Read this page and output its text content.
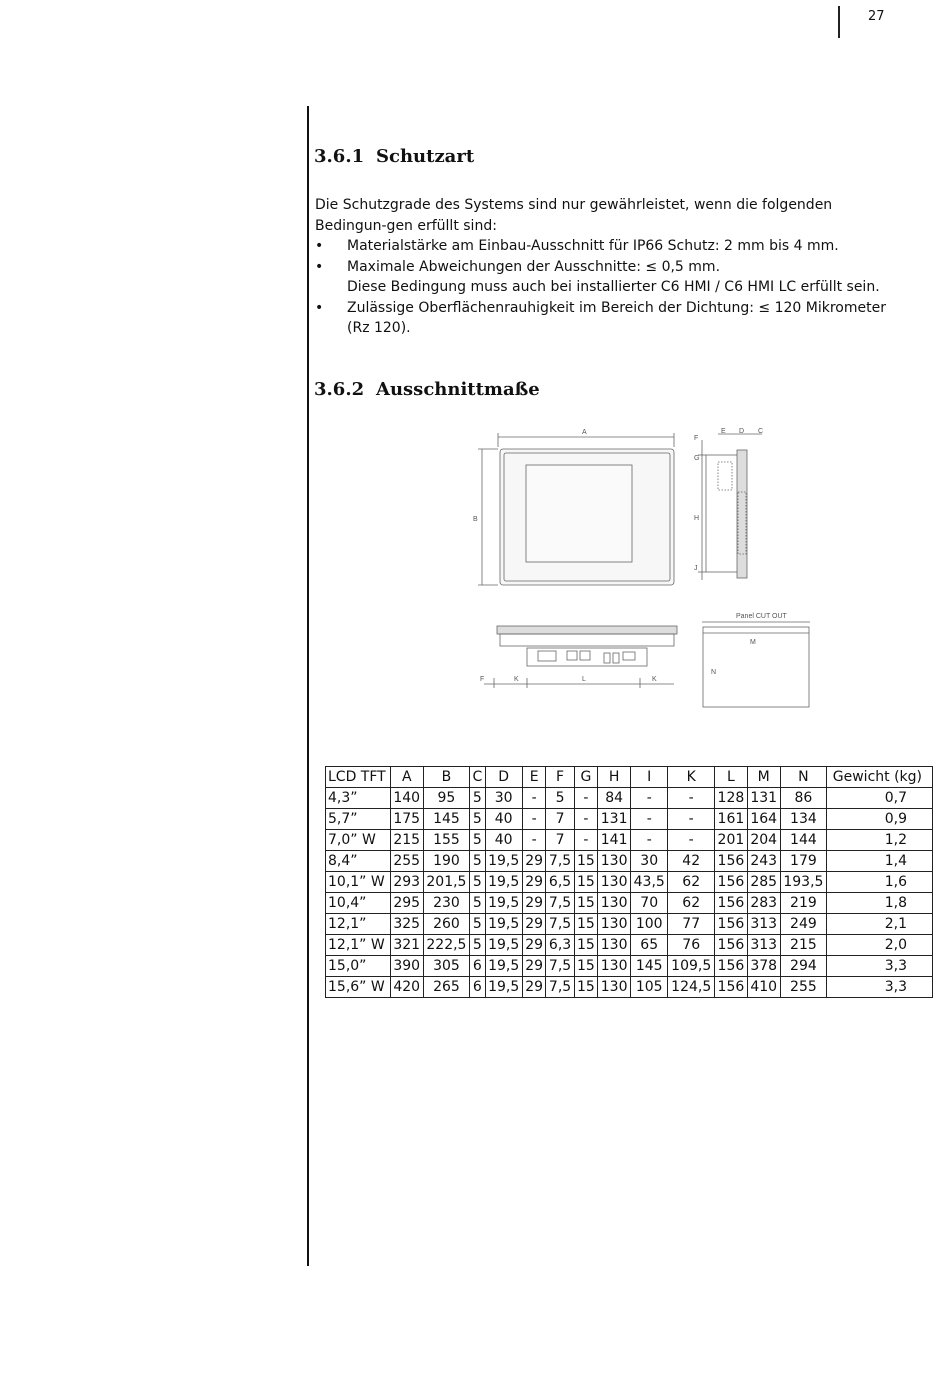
27
3.6.1 Schutzart

Die Schutzgrade des Systems sind nur gewährleistet, wenn die folgenden Bedingun-gen erfüllt sind:

• Materialstärke am Einbau-Ausschnitt für IP66 Schutz: 2 mm bis 4 mm.

• Maximale Abweichungen der Ausschnitte: ≤ 0,5 mm.
Diese Bedingung muss auch bei installierter C6 HMI / C6 HMI LC erfüllt sein.

• Zulässige Oberflächenrauhigkeit im Bereich der Dichtung: ≤ 120 Mikrometer (Rz 120).

3.6.2 Ausschnittmaße
A
B
E D C
F
G
H
J
F	K	L	K
Panel CUT OUT
M
N
LCD TFT	A	B	C	D	E	F	G	H	I	K	L	M	N	Gewicht (kg)
4,3”	140	95	5	30	-	5	-	84	-	-	128	131	86	0,7
5,7”	175	145	5	40	-	7	-	131	-	-	161	164	134	0,9
7,0” W	215	155	5	40	-	7	-	141	-	-	201	204	144	1,2
8,4”	255	190	5	19,5	29	7,5	15	130	30	42	156	243	179	1,4
10,1” W	293	201,5	5	19,5	29	6,5	15	130	43,5	62	156	285	193,5	1,6
10,4”	295	230	5	19,5	29	7,5	15	130	70	62	156	283	219	1,8
12,1”	325	260	5	19,5	29	7,5	15	130	100	77	156	313	249	2,1
12,1” W	321	222,5	5	19,5	29	6,3	15	130	65	76	156	313	215	2,0
15,0”	390	305	6	19,5	29	7,5	15	130	145	109,5	156	378	294	3,3
15,6” W	420	265	6	19,5	29	7,5	15	130	105	124,5	156	410	255	3,3
